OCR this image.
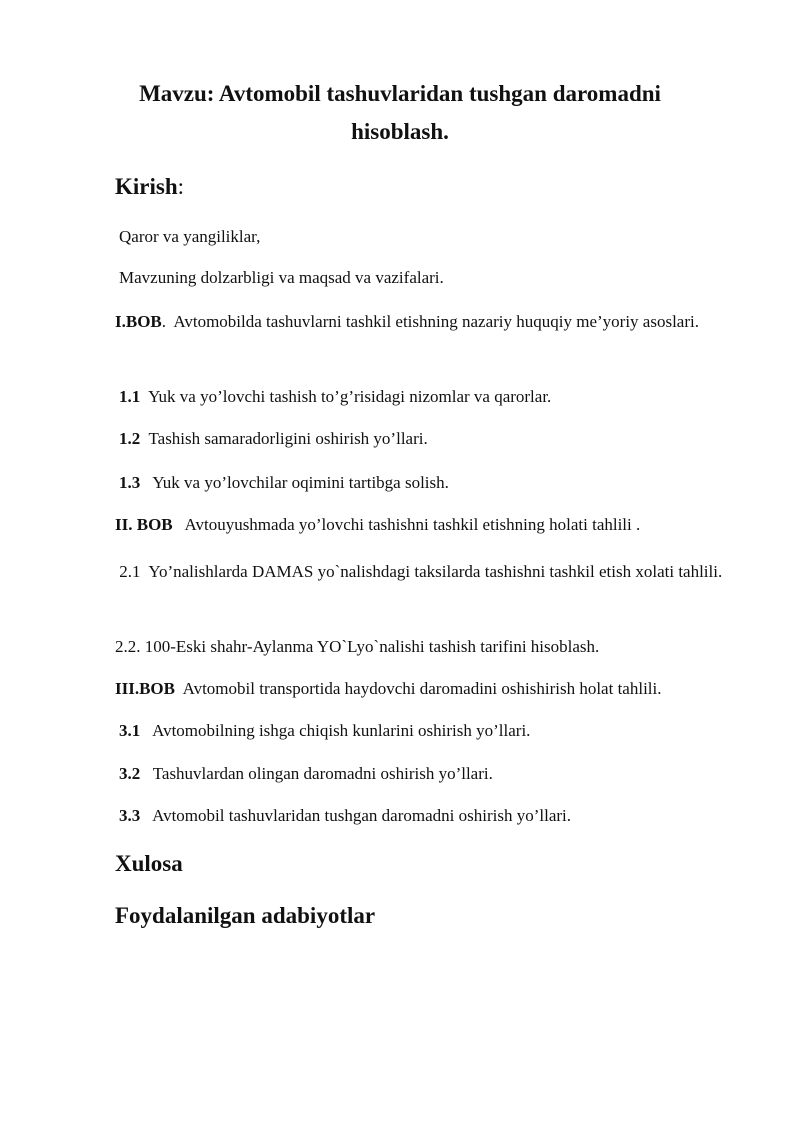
Mavzu: Avtomobil tashuvlaridan tushgan daromadni
hisoblash.
Kirish:
Qaror va yangiliklar,
Mavzuning dolzarbligi va maqsad va vazifalari.
I.BOB. Avtomobilda tashuvlarni tashkil etishning nazariy huquqiy me’yoriy asoslari.
1.1 Yuk va yo’lovchi tashish to’g’risidagi nizomlar va qarorlar.
1.2 Tashish samaradorligini oshirish yo’llari.
1.3 Yuk va yo’lovchilar oqimini tartibga solish.
II. BOB Avtouyushmada yo’lovchi tashishni tashkil etishning holati tahlili .
2.1 Yo’nalishlarda DAMAS yo`nalishdagi taksilarda tashishni tashkil etish xolati tahlili.
2.2. 100-Eski shahr-Aylanma YO`Lyo`nalishi tashish tarifini hisoblash.
III.BOB Avtomobil transportida haydovchi daromadini oshishirish holat tahlili.
3.1 Avtomobilning ishga chiqish kunlarini oshirish yo’llari.
3.2 Tashuvlardan olingan daromadni oshirish yo’llari.
3.3 Avtomobil tashuvlaridan tushgan daromadni oshirish yo’llari.
Xulosa
Foydalanilgan adabiyotlar
